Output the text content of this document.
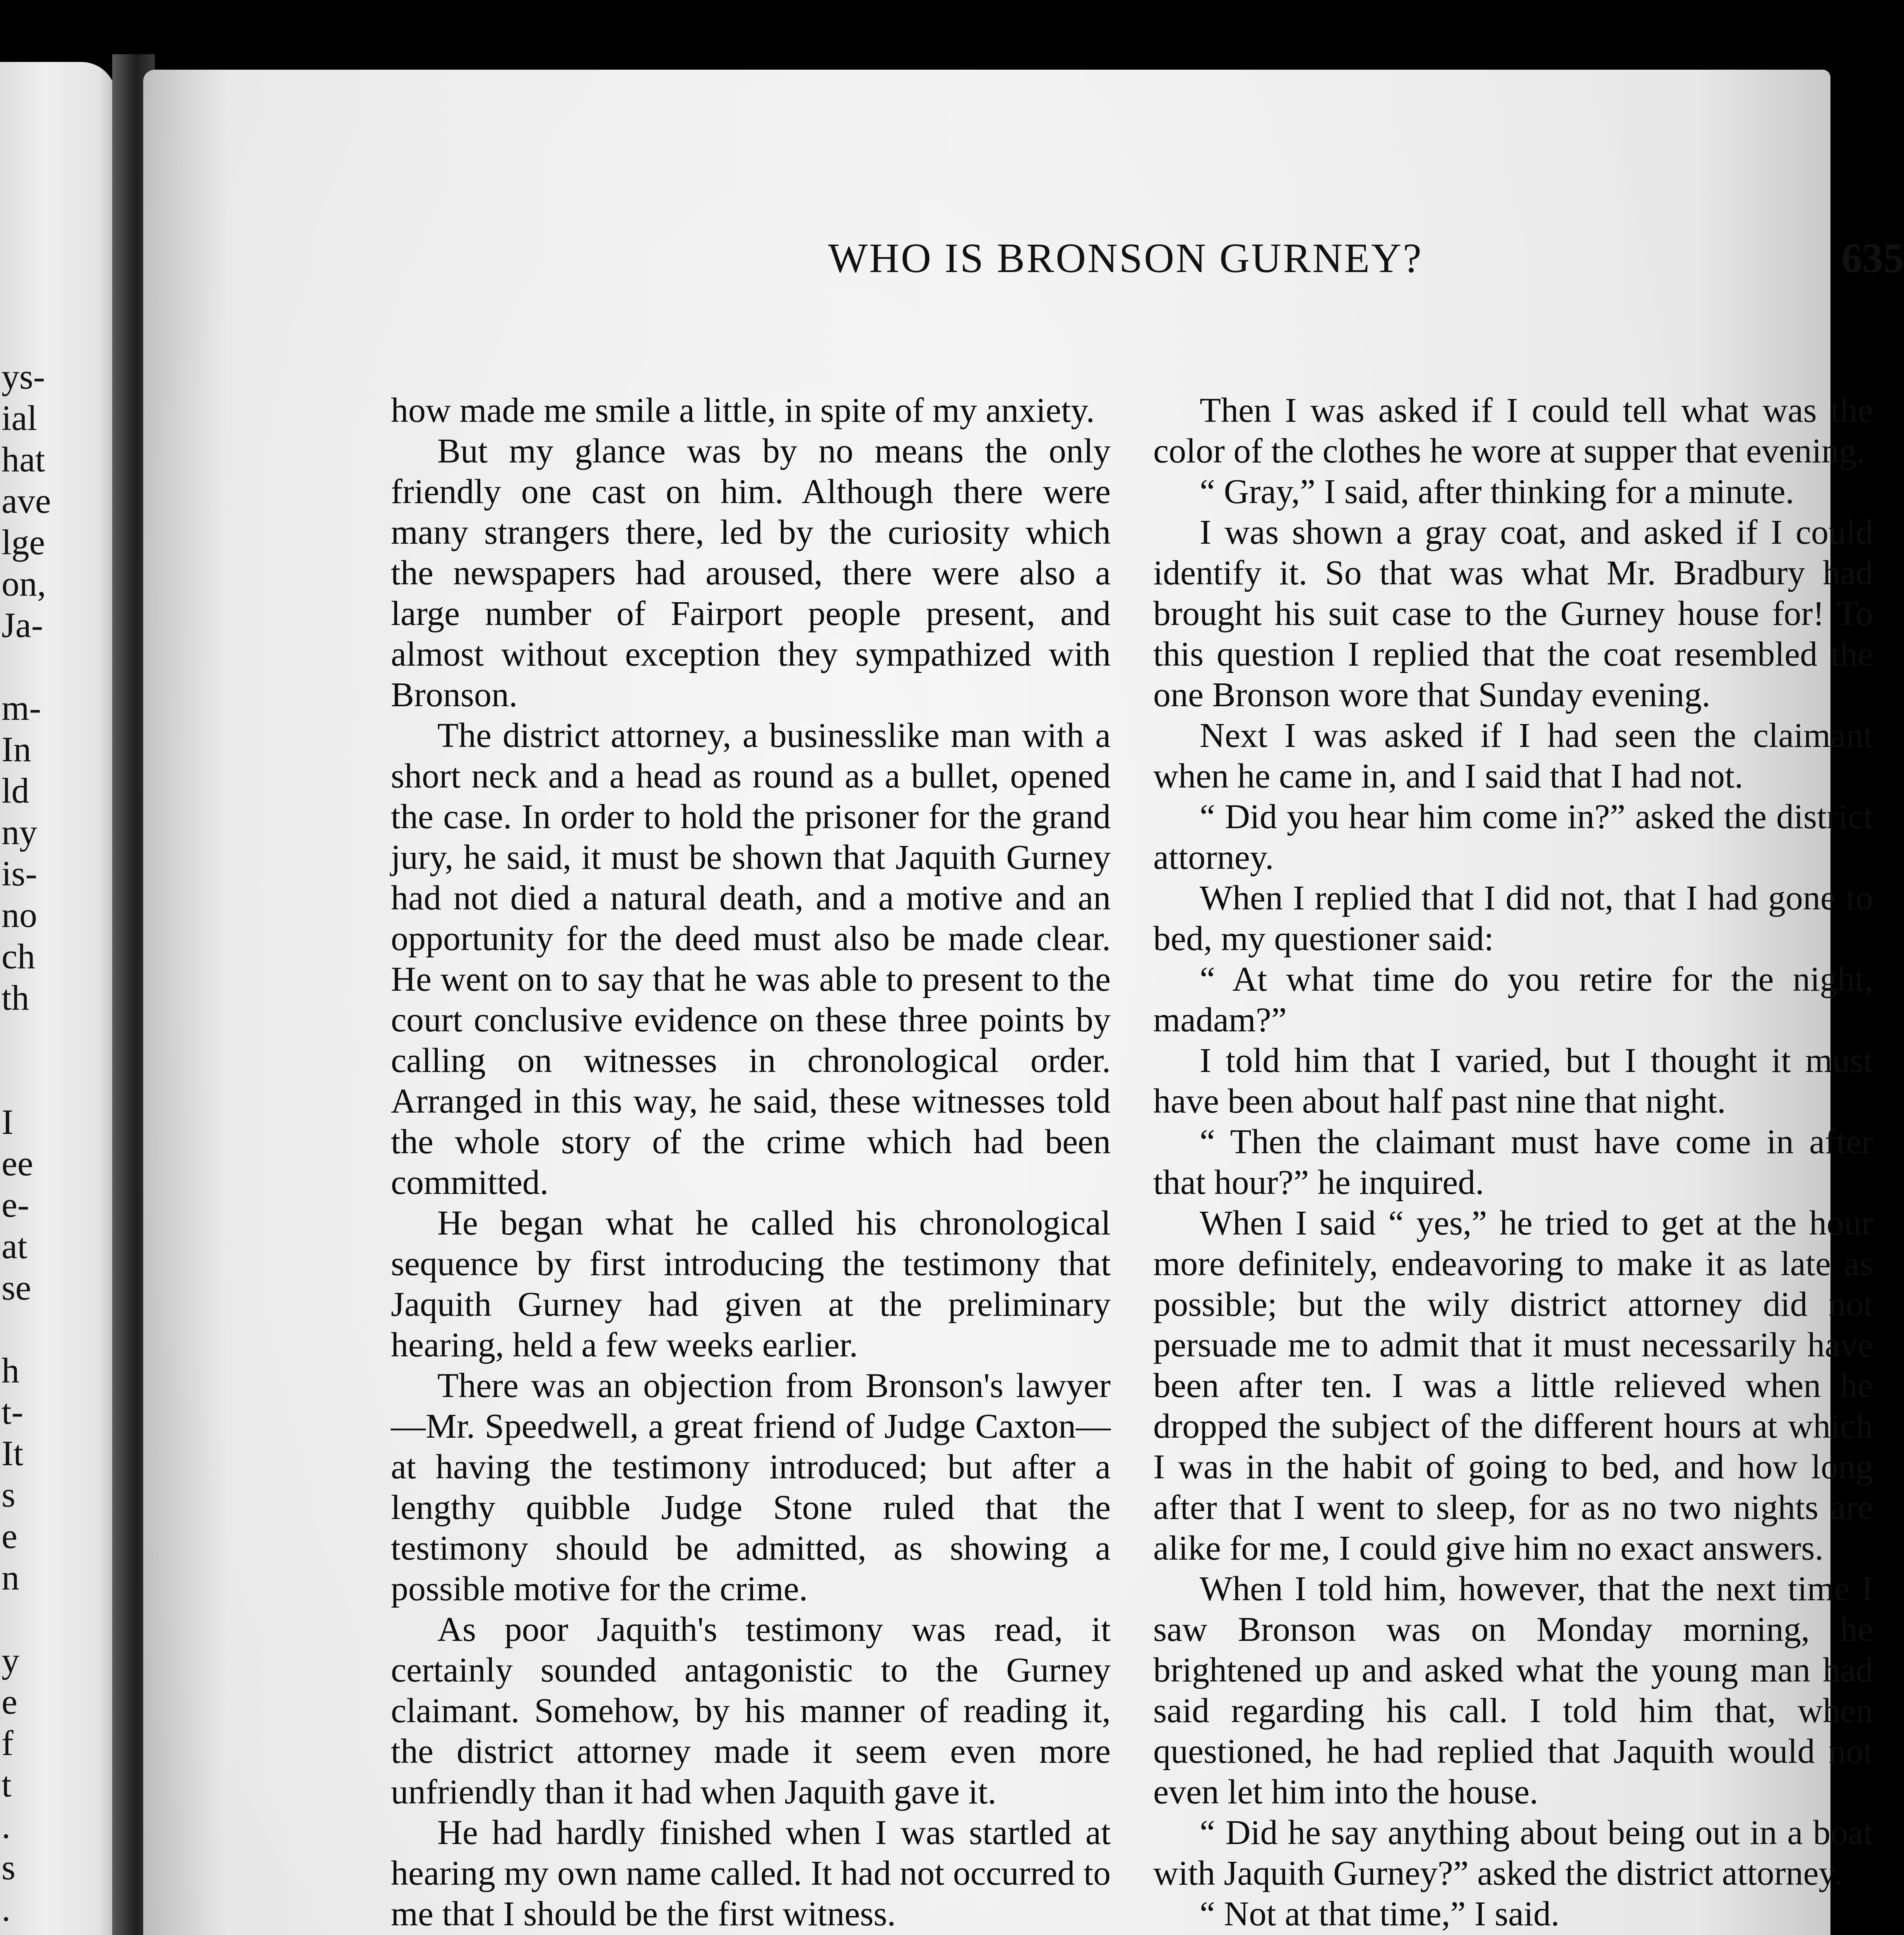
ys-
ial
hat
ave
lge
on,
Ja-
m-
In
ld
ny
is-
no
ch
th
I
ee
e-
at
se
h
t-
It
s
e
n
y
e
f
t
.
s
.
WHO IS BRONSON GURNEY?	635

how made me smile a little, in spite of my anxiety.

But my glance was by no means the only friendly one cast on him. Although there were many strangers there, led by the curiosity which the newspapers had aroused, there were also a large number of Fairport people present, and almost without exception they sympathized with Bronson.

The district attorney, a businesslike man with a short neck and a head as round as a bullet, opened the case. In order to hold the prisoner for the grand jury, he said, it must be shown that Jaquith Gurney had not died a natural death, and a motive and an opportunity for the deed must also be made clear. He went on to say that he was able to present to the court conclusive evidence on these three points by calling on witnesses in chronological order. Arranged in this way, he said, these witnesses told the whole story of the crime which had been committed.

He began what he called his chronological sequence by first introducing the testimony that Jaquith Gurney had given at the preliminary hearing, held a few weeks earlier.

There was an objection from Bronson's lawyer—Mr. Speedwell, a great friend of Judge Caxton—at having the testimony introduced; but after a lengthy quibble Judge Stone ruled that the testimony should be admitted, as showing a possible motive for the crime.

As poor Jaquith's testimony was read, it certainly sounded antagonistic to the Gurney claimant. Somehow, by his manner of reading it, the district attorney made it seem even more unfriendly than it had when Jaquith gave it.

He had hardly finished when I was startled at hearing my own name called. It had not occurred to me that I should be the first witness.

Then I was asked if I could tell what was the color of the clothes he wore at supper that evening.

“ Gray,” I said, after thinking for a minute.

I was shown a gray coat, and asked if I could identify it. So that was what Mr. Bradbury had brought his suit case to the Gurney house for! To this question I replied that the coat resembled the one Bronson wore that Sunday evening.

Next I was asked if I had seen the claimant when he came in, and I said that I had not.

“ Did you hear him come in?” asked the district attorney.

When I replied that I did not, that I had gone to bed, my questioner said:

“ At what time do you retire for the night, madam?”

I told him that I varied, but I thought it must have been about half past nine that night.

“ Then the claimant must have come in after that hour?” he inquired.

When I said “ yes,” he tried to get at the hour more definitely, endeavoring to make it as late as possible; but the wily district attorney did not persuade me to admit that it must necessarily have been after ten. I was a little relieved when he dropped the subject of the different hours at which I was in the habit of going to bed, and how long after that I went to sleep, for as no two nights are alike for me, I could give him no exact answers.

When I told him, however, that the next time I saw Bronson was on Monday morning, he brightened up and asked what the young man had said regarding his call. I told him that, when questioned, he had replied that Jaquith would not even let him into the house.

“ Did he say anything about being out in a boat with Jaquith Gurney?” asked the district attorney.

“ Not at that time,” I said.
